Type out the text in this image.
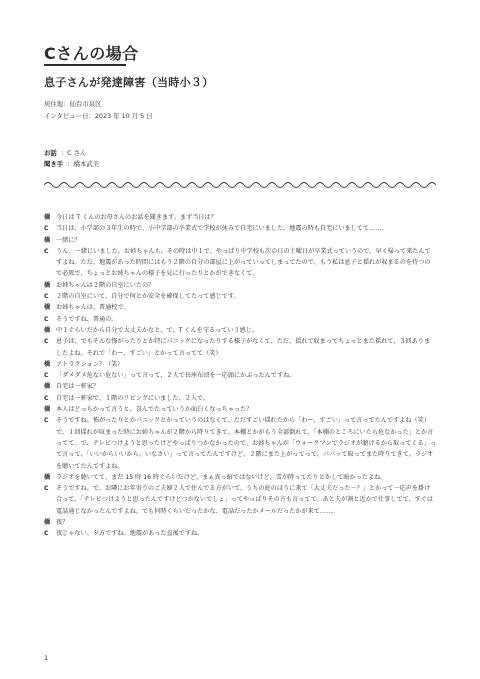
Cさんの場合
息子さんが発達障害（当時小３）
居住地：仙台市泉区
インタビュー日：2023 年 10 月 5 日
お話 ：C さん
聞き手 ：橋本武美
橋 今日は T くんのお母さんのお話を聞きます。まず当日は？
C	当日は、小学部の３年生の時で、小中学部の卒業式で学校が休みで自宅にいました。地震の時も自宅にいましてて……。
橋 一緒に？
C	うん、一緒にいました。お姉ちゃんも、その時は中１で、やっぱり中学校も次の日の土曜日が卒業式っていうので、早く帰って来たんですよね。ただ、地震があった時間にはもう２階の自分の部屋に上がっていってしまってたので、もう私は息子と揺れが収まるのを待つので必死で、ちょっとお姉ちゃんの様子を見に行ったりとかができなくて。
橋 お姉ちゃんは２階の自室にいたの？
C	２階の自室にいて、自分で何とか安全を確保してたって感じです。
橋 お姉ちゃんは、普通校で。
C	そうですね、普通の。
橋 中１ぐらいだから自分で大丈夫かなと。で、T くんを守るっていう感じ。
C	息子は、でもそんな怖がったりとか特にパニックになったりする様子がなくて、ただ、揺れて収まってちょっとまた揺れて、３回ありましたよね。それで「わー、すごい」とかって言ってて（笑）
橋 アトラクション？（笑）
C	「ダメダメ危ない危ない」って言って、２人で長座布団を一応頭にかぶったんですね。
橋 自宅は一軒家？
C	自宅は一軒家で、１階のリビングにいました、２人で。
橋 本人はどっちかって言うと、喜んでたっていうか面白くなっちゃった？
C	そうですね。怖がったりとかパニックとかっていうのはなくて。ただすごい揺れたから「わー、すごい」って言ってたんですよね（笑）で、１回揺れが収まった時にお姉ちゃんが２階から降りてきて、本棚とかがもう全部倒れて、「本棚のところにいたら危なかった」とか言ってて。で、テレビつけようと思ったけどやっぱりつかなかったので、お姉ちゃんが「ウォークマンでラジオが聴けるから取ってくる」って言って、「いいからいいから、いなさい」って言ってたんですけど、２階にまた上がってって、パパッて取ってまた降りてきて。ラジオを聴いてたんですよね。
橋 ラジオを聴いてて、まだ 15 時 16 時ぐらいだけど、まぁ真っ暗ではないけど、雪が降ってたりとかして暗かったよね。
C	そうですね。で、お隣にお年寄りのご夫婦２人で住んでる方がいて、うちの庭のほうに来て「大丈夫だった－？」とかって一応声を掛け合って、「テレビつけようと思ったんですけどつかないでしょ」ってやっぱりその方も言ってて。あと夫が割と近かで仕事してて、すぐは電話通じなかったんですよね。でも何時くらいだったかな、電話だったかメールだったかが来て……。
橋 夜？
C	夜じゃない、夕方ですね。地震があった直後ですね。
1
